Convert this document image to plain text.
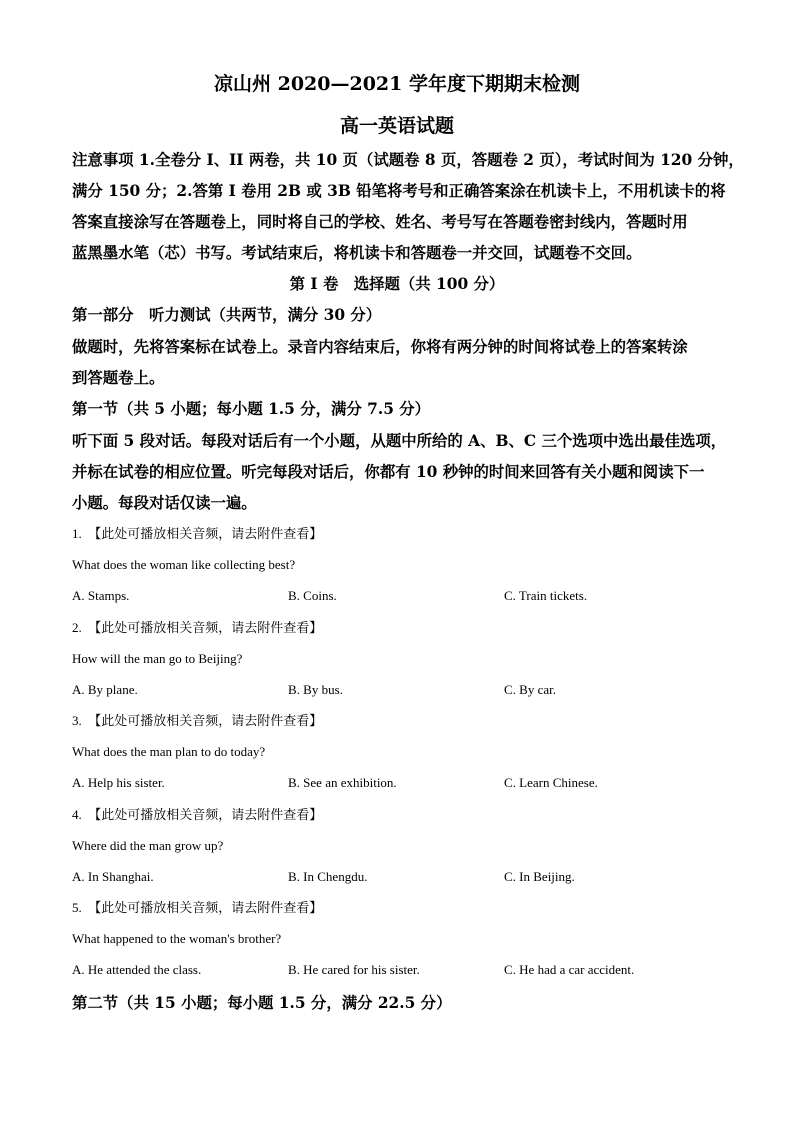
凉山州 2020—2021 学年度下期期末检测
高一英语试题
注意事项 1.全卷分 I、II 两卷，共 10 页（试题卷 8 页，答题卷 2 页），考试时间为 120 分钟，
满分 150 分；2.答第 I 卷用 2B 或 3B 铅笔将考号和正确答案涂在机读卡上，不用机读卡的将
答案直接涂写在答题卷上，同时将自己的学校、姓名、考号写在答题卷密封线内，答题时用
蓝黑墨水笔（芯）书写。考试结束后，将机读卡和答题卷一并交回，试题卷不交回。
第 I 卷　选择题（共 100 分）
第一部分　听力测试（共两节，满分 30 分）
做题时，先将答案标在试卷上。录音内容结束后，你将有两分钟的时间将试卷上的答案转涂
到答题卷上。
第一节（共 5 小题；每小题 1.5 分，满分 7.5 分）
听下面 5 段对话。每段对话后有一个小题，从题中所给的 A、B、C 三个选项中选出最佳选项，
并标在试卷的相应位置。听完每段对话后，你都有 10 秒钟的时间来回答有关小题和阅读下一
小题。每段对话仅读一遍。
1.　【此处可播放相关音频，请去附件查看】
What does the woman like collecting best?
A. Stamps.	B. Coins.	C. Train tickets.
2.　【此处可播放相关音频，请去附件查看】
How will the man go to Beijing?
A. By plane.	B. By bus.	C. By car.
3.　【此处可播放相关音频，请去附件查看】
What does the man plan to do today?
A. Help his sister.	B. See an exhibition.	C. Learn Chinese.
4.　【此处可播放相关音频，请去附件查看】
Where did the man grow up?
A. In Shanghai.	B. In Chengdu.	C. In Beijing.
5.　【此处可播放相关音频，请去附件查看】
What happened to the woman's brother?
A. He attended the class.	B. He cared for his sister.	C. He had a car accident.
第二节（共 15 小题；每小题 1.5 分，满分 22.5 分）
